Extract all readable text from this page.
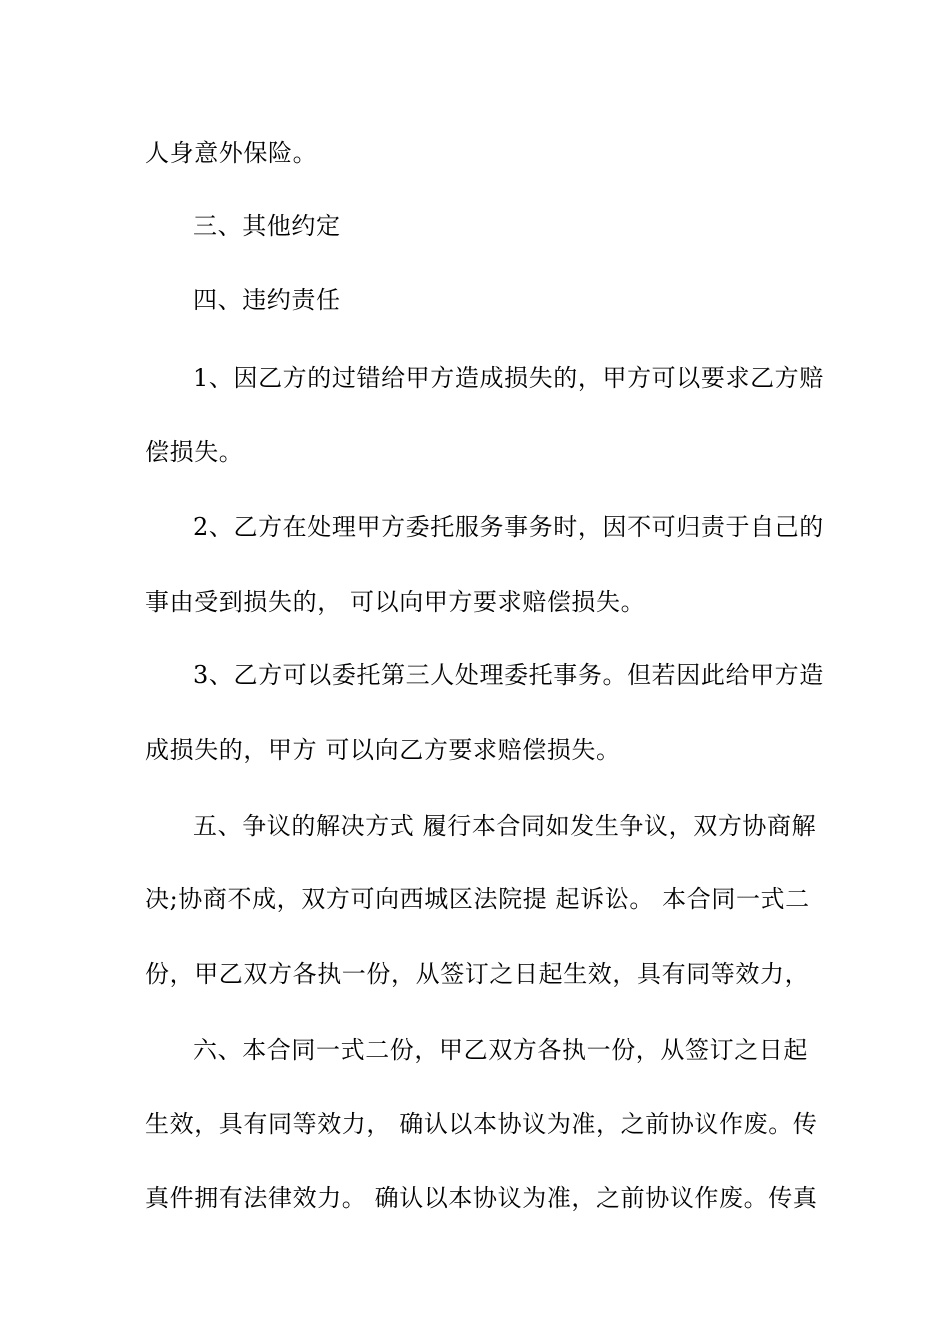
人身意外保险。
三、其他约定
四、违约责任
1、因乙方的过错给甲方造成损失的，甲方可以要求乙方赔
偿损失。
2、乙方在处理甲方委托服务事务时，因不可归责于自己的
事由受到损失的， 可以向甲方要求赔偿损失。
3、乙方可以委托第三人处理委托事务。但若因此给甲方造
成损失的，甲方 可以向乙方要求赔偿损失。
五、争议的解决方式 履行本合同如发生争议，双方协商解
决;协商不成，双方可向西城区法院提 起诉讼。 本合同一式二
份，甲乙双方各执一份，从签订之日起生效，具有同等效力，
六、本合同一式二份，甲乙双方各执一份，从签订之日起
生效，具有同等效力， 确认以本协议为准，之前协议作废。传
真件拥有法律效力。 确认以本协议为准，之前协议作废。传真
